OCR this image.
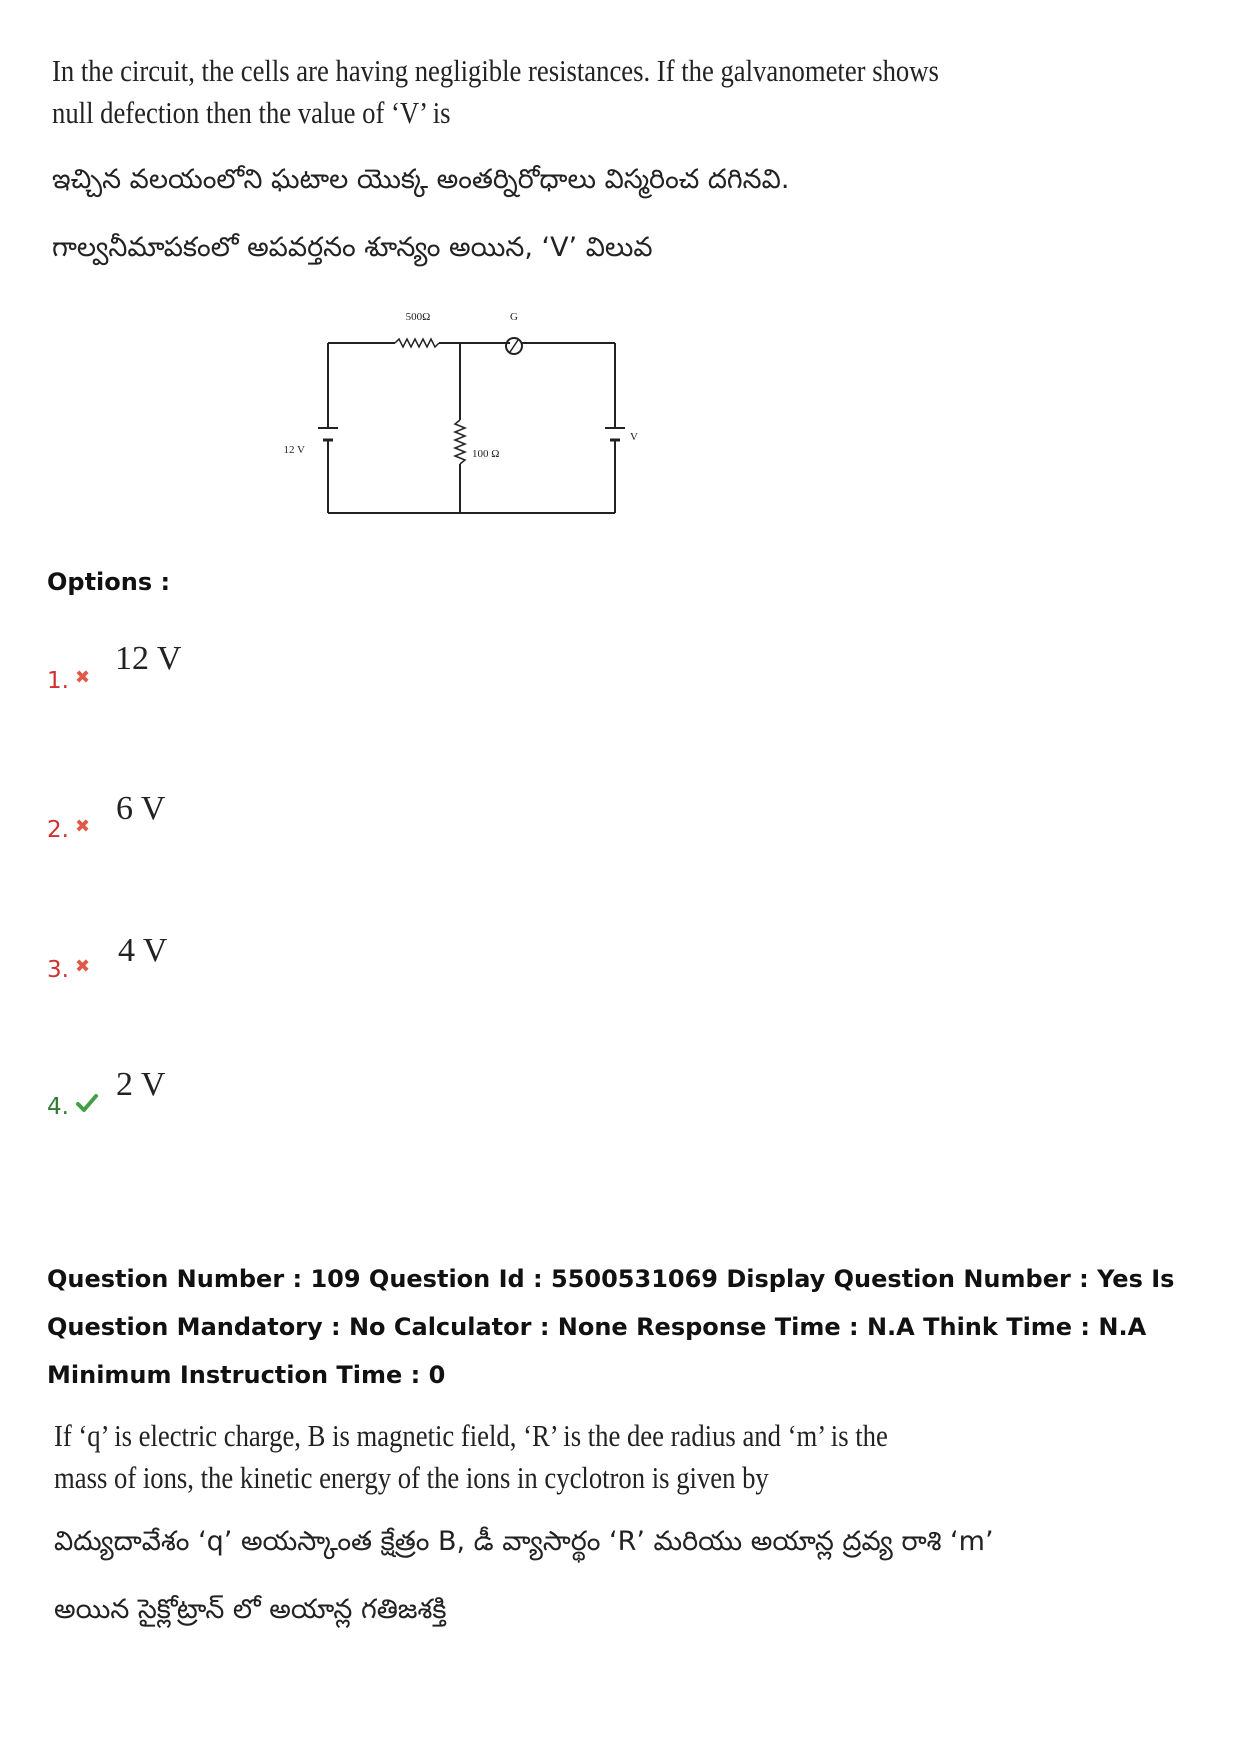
In the circuit, the cells are having negligible resistances. If the galvanometer shows
null defection then the value of ‘V’ is
ఇచ్చిన వలయంలోని ఘటాల యొక్క అంతర్నిరోధాలు విస్మరించ దగినవి.
గాల్వనీమాపకంలో అపవర్తనం శూన్యం అయిన, ‘V’ విలువ
500Ω	G
12 V	100 Ω
V
Options :
1. ✖ 12 V
2. ✖ 6 V
3. ✖ 4 V
4.
2 V
Question Number : 109 Question Id : 5500531069 Display Question Number : Yes Is Question Mandatory : No Calculator : None Response Time : N.A Think Time : N.A Minimum Instruction Time : 0
If ‘q’ is electric charge, B is magnetic field, ‘R’ is the dee radius and ‘m’ is the
mass of ions, the kinetic energy of the ions in cyclotron is given by
విద్యుదావేశం ‘q’ అయస్కాంత క్షేత్రం B, డీ వ్యాసార్థం ‘R’ మరియు అయాన్ల ద్రవ్య రాశి ‘m’
అయిన సైక్లోట్రాన్ లో అయాన్ల గతిజశక్తి
